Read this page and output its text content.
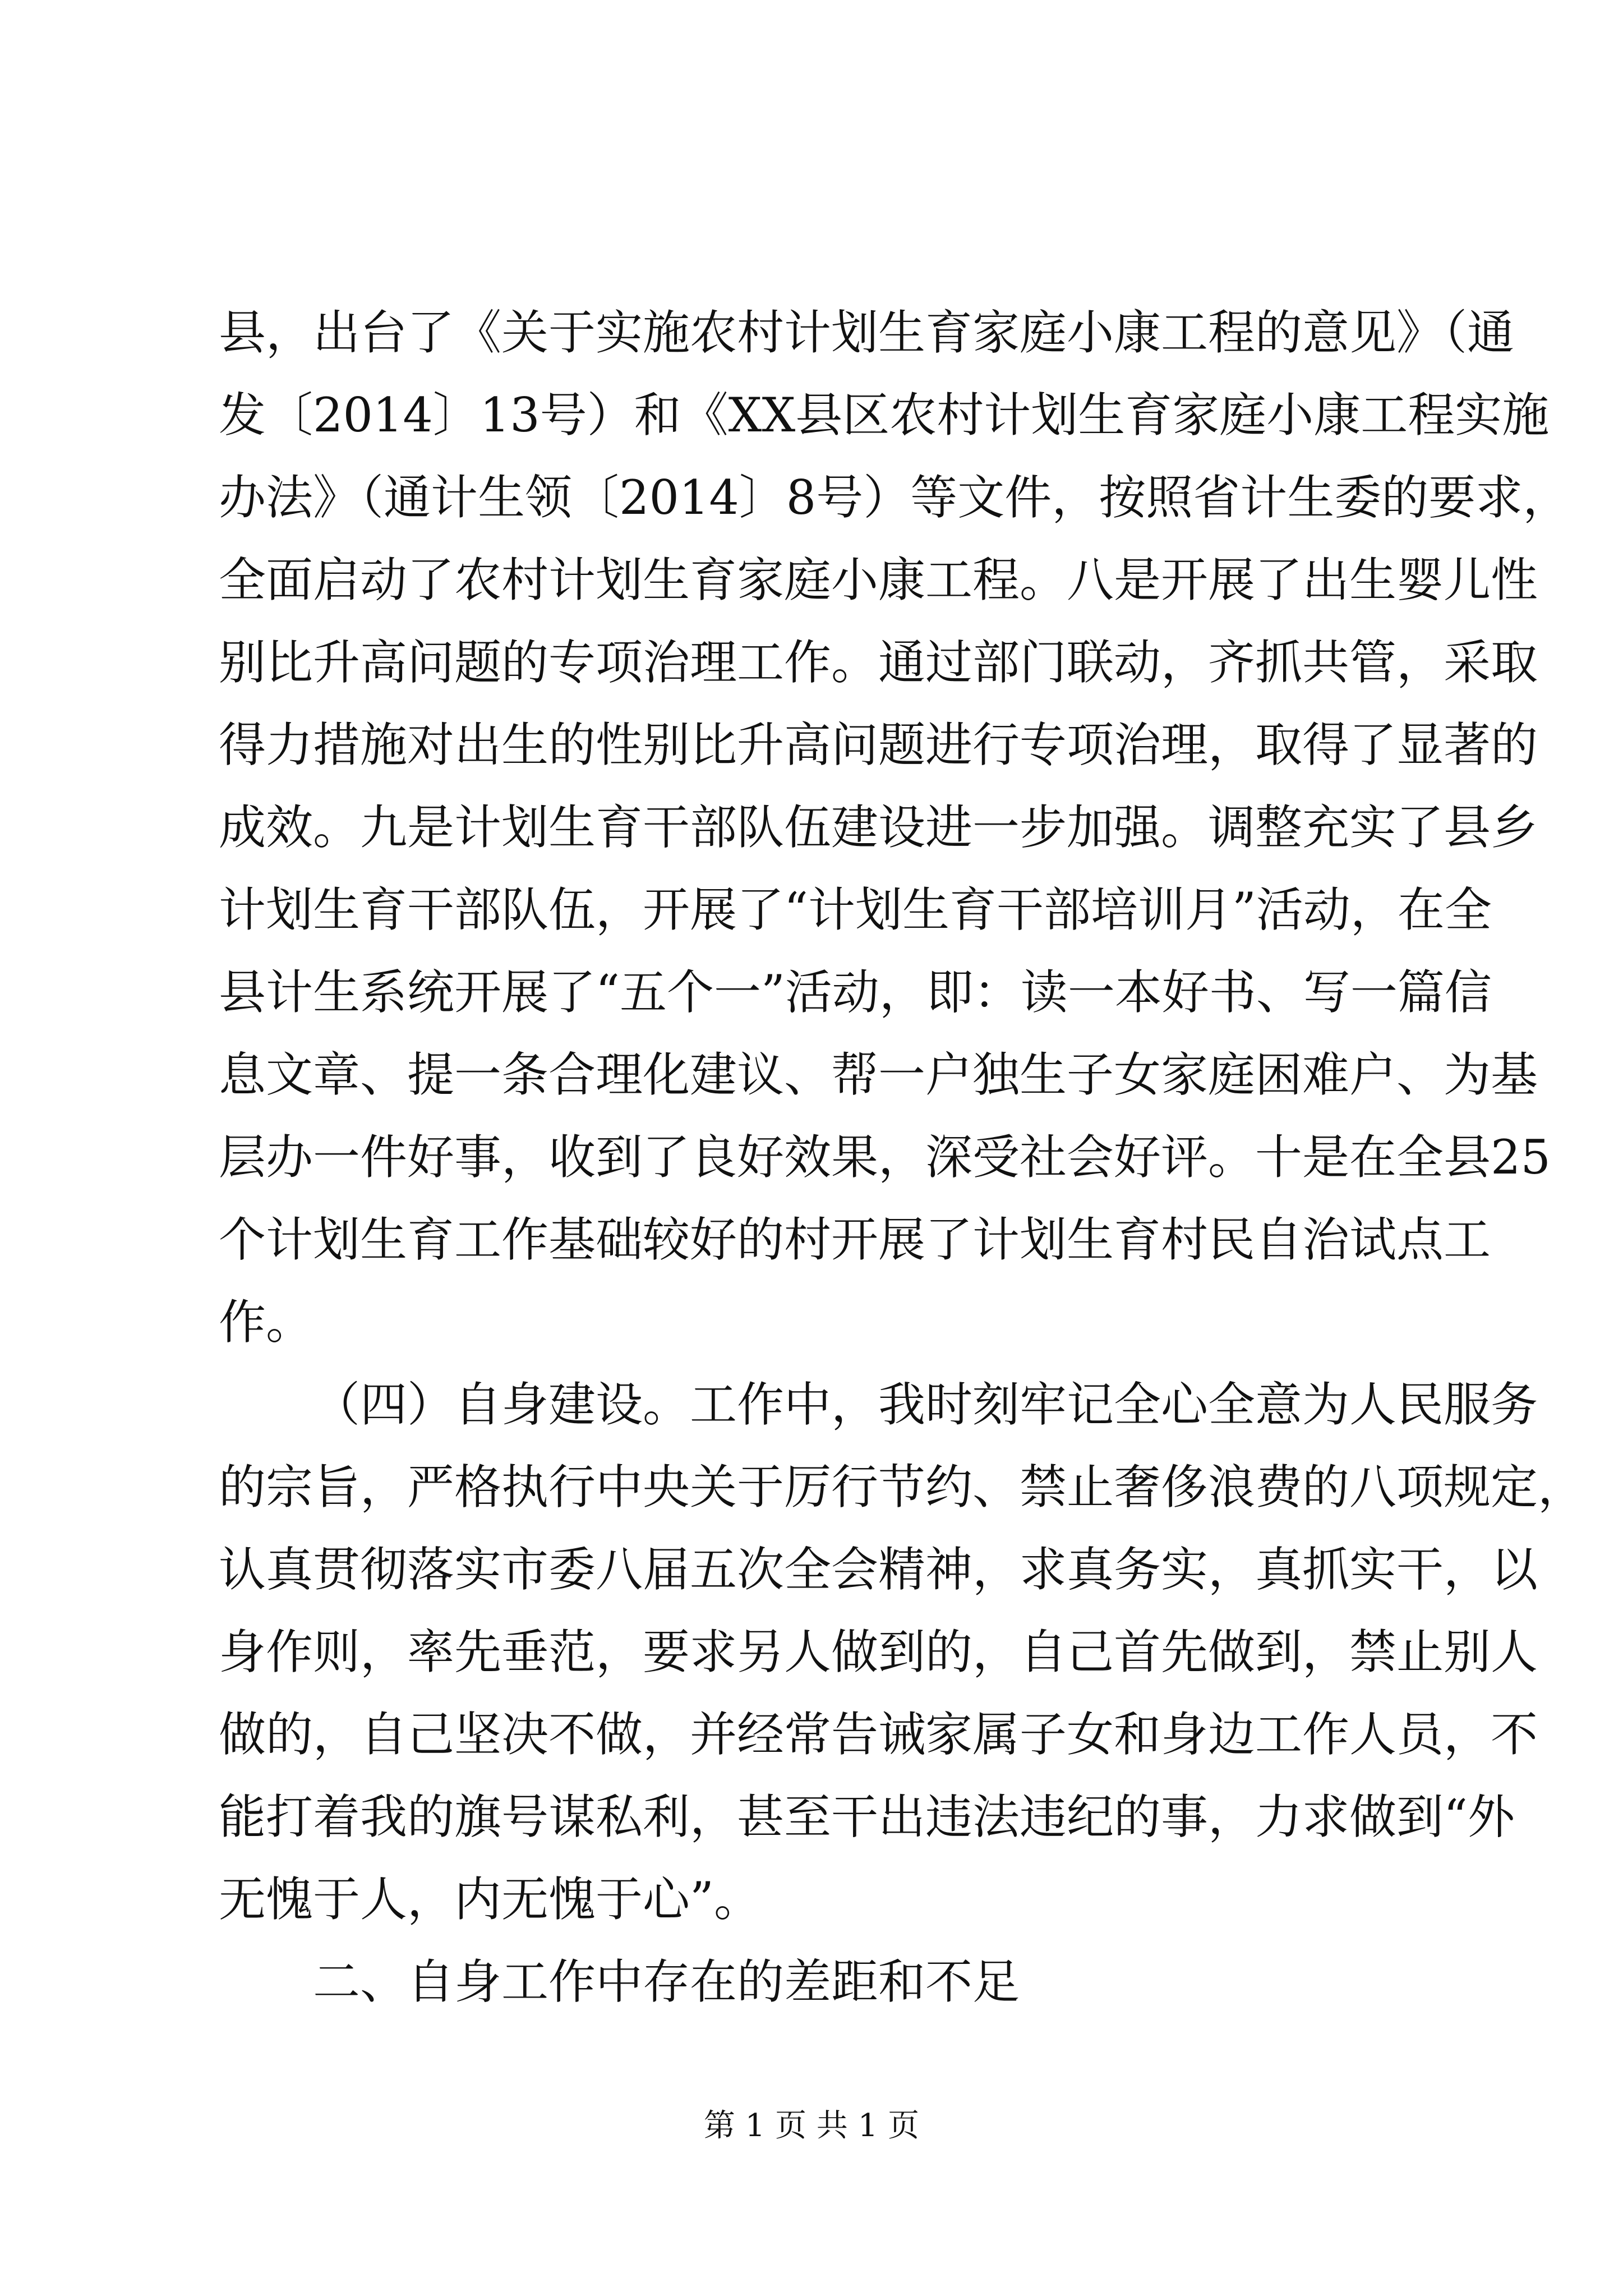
县，出台了《关于实施农村计划生育家庭小康工程的意见》（通
发〔2014〕13号）和《XX县区农村计划生育家庭小康工程实施
办法》（通计生领〔2014〕8号）等文件，按照省计生委的要求，
全面启动了农村计划生育家庭小康工程。八是开展了出生婴儿性
别比升高问题的专项治理工作。通过部门联动，齐抓共管，采取
得力措施对出生的性别比升高问题进行专项治理，取得了显著的
成效。九是计划生育干部队伍建设进一步加强。调整充实了县乡
计划生育干部队伍，开展了“计划生育干部培训月”活动，在全
县计生系统开展了“五个一”活动，即：读一本好书、写一篇信
息文章、提一条合理化建议、帮一户独生子女家庭困难户、为基
层办一件好事，收到了良好效果，深受社会好评。十是在全县25
个计划生育工作基础较好的村开展了计划生育村民自治试点工
作。
（四）自身建设。工作中，我时刻牢记全心全意为人民服务
的宗旨，严格执行中央关于厉行节约、禁止奢侈浪费的八项规定，
认真贯彻落实市委八届五次全会精神，求真务实，真抓实干，以
身作则，率先垂范，要求另人做到的，自己首先做到，禁止别人
做的，自己坚决不做，并经常告诫家属子女和身边工作人员，不
能打着我的旗号谋私利，甚至干出违法违纪的事，力求做到“外
无愧于人，内无愧于心”。
二、自身工作中存在的差距和不足
第 1 页 共 1 页
